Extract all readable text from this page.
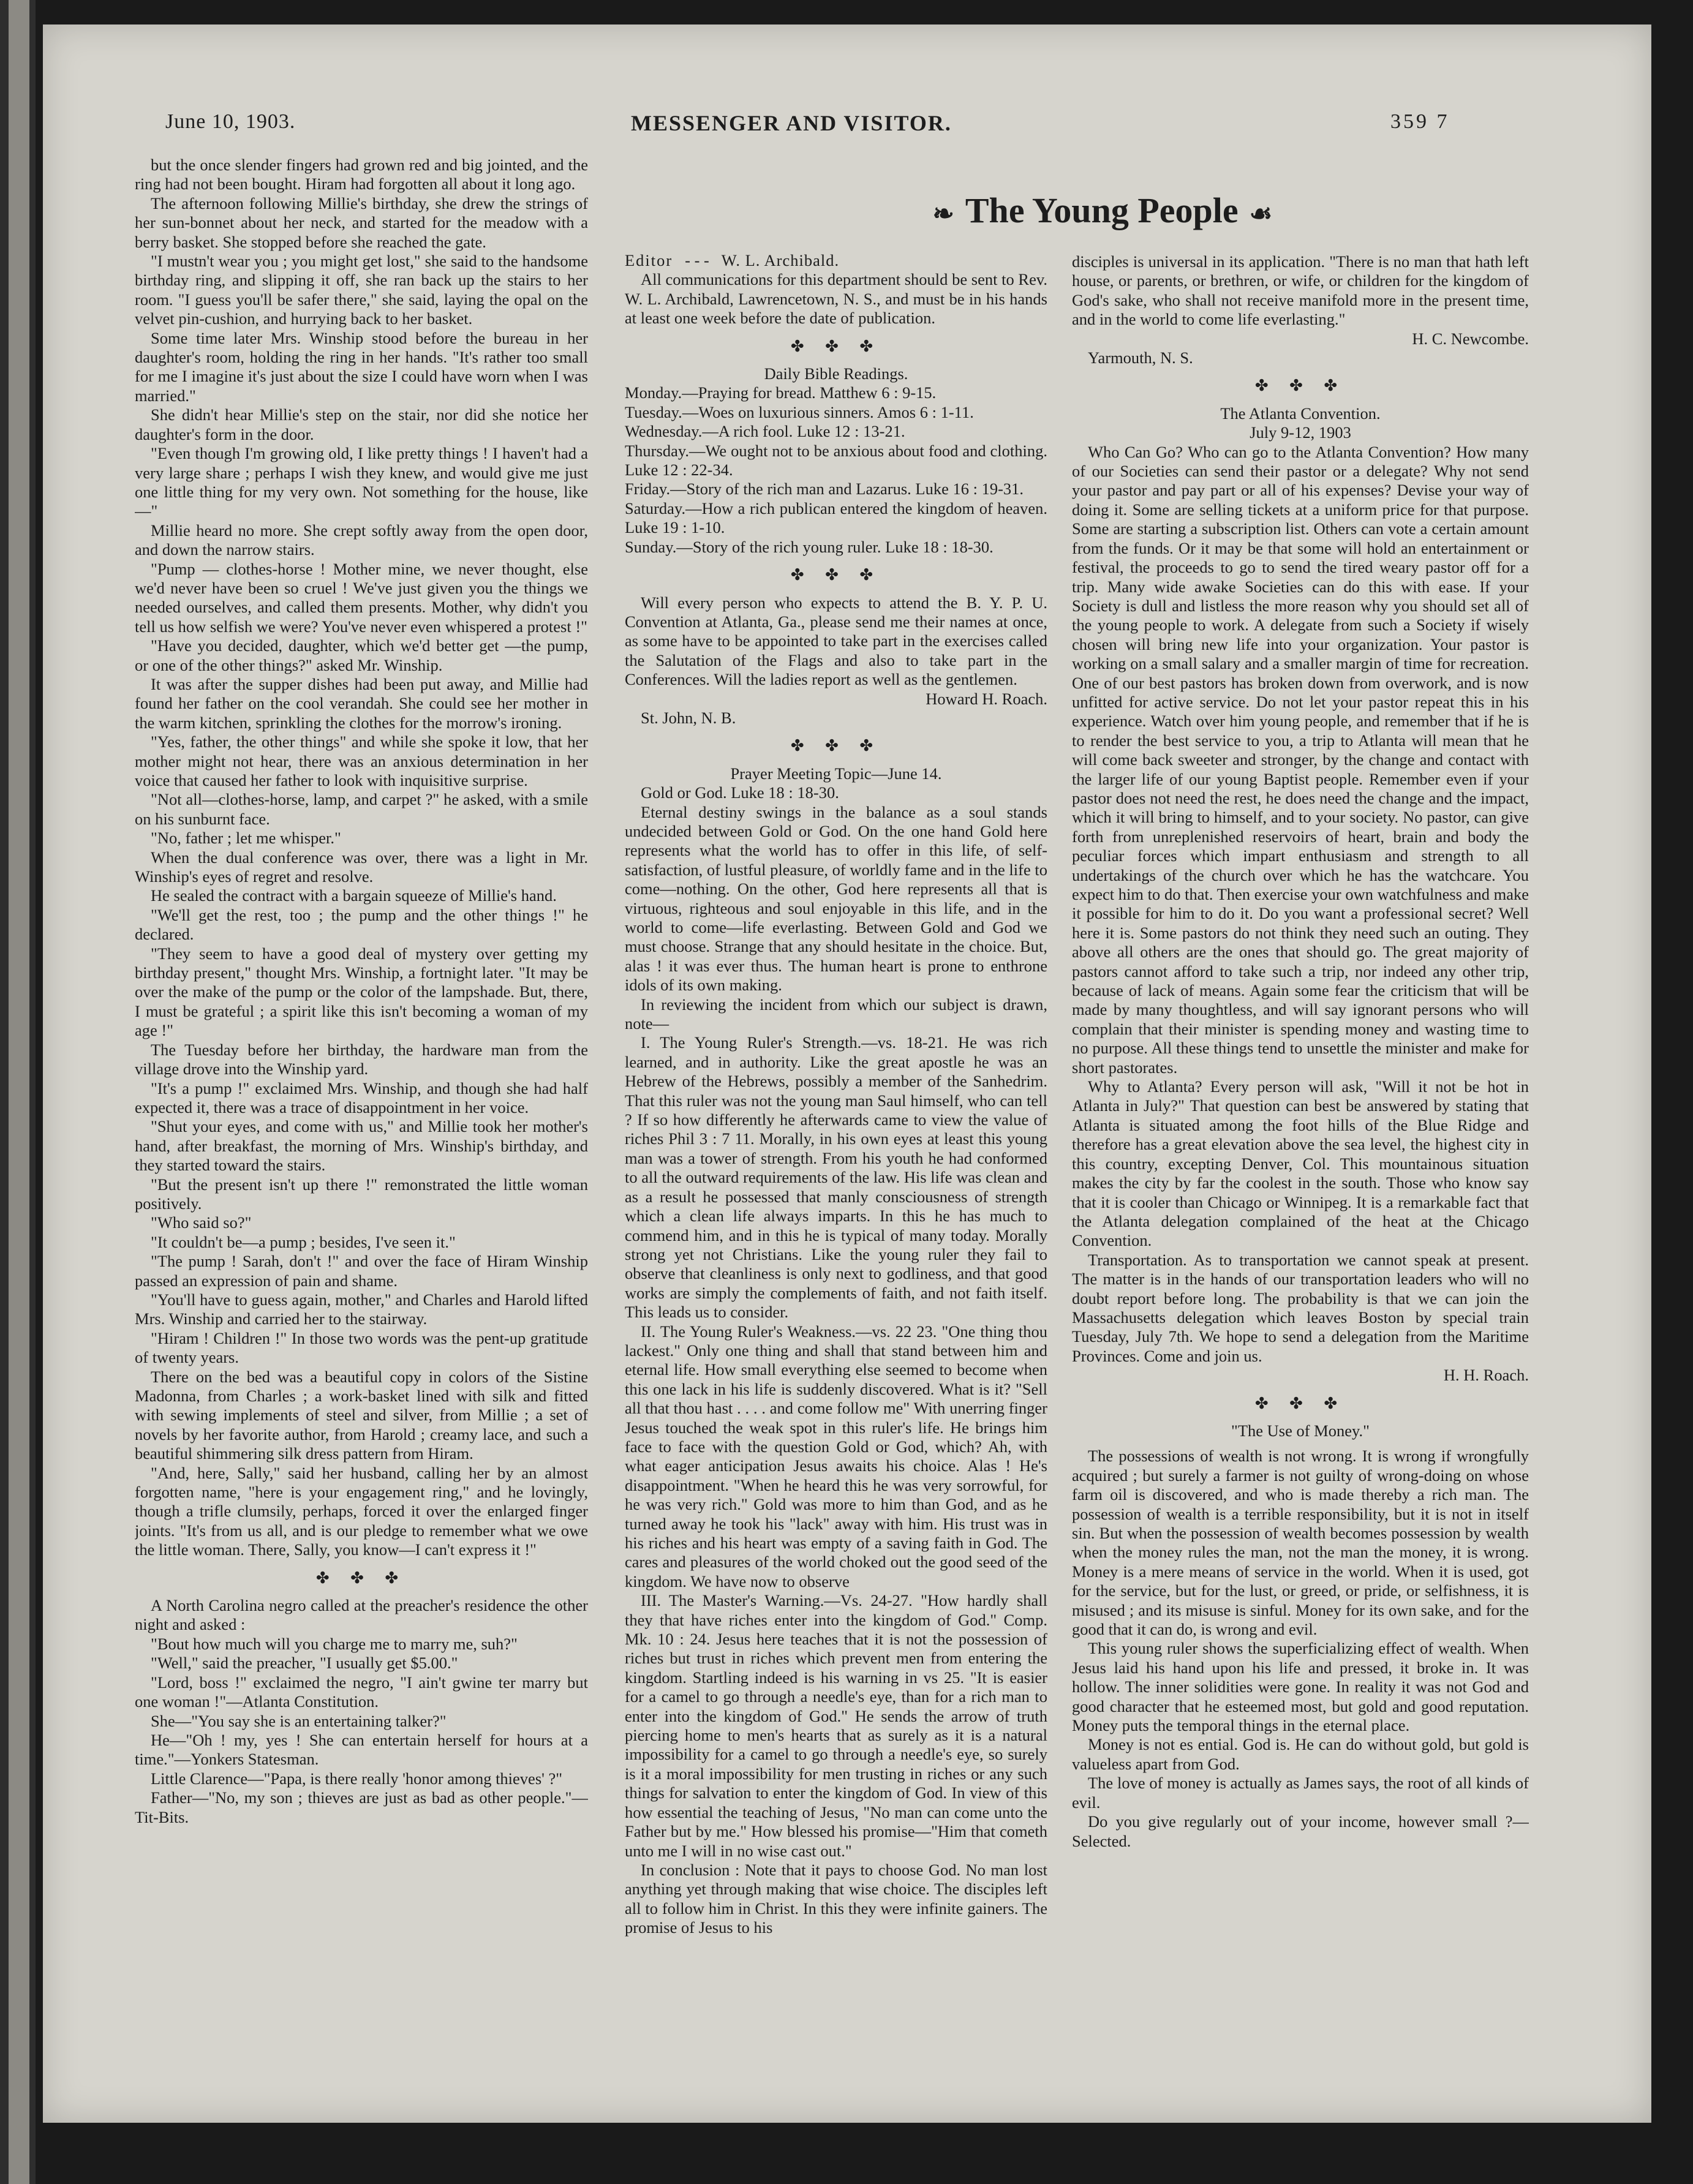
June 10, 1903.	MESSENGER AND VISITOR.	359 7
❧ The Young People ☙

but the once slender fingers had grown red and big jointed, and the ring had not been bought. Hiram had forgotten all about it long ago.

The afternoon following Millie's birthday, she drew the strings of her sun-bonnet about her neck, and started for the meadow with a berry basket. She stopped before she reached the gate.

"I mustn't wear you ; you might get lost," she said to the handsome birthday ring, and slipping it off, she ran back up the stairs to her room. "I guess you'll be safer there," she said, laying the opal on the velvet pin-cushion, and hurrying back to her basket.

Some time later Mrs. Winship stood before the bureau in her daughter's room, holding the ring in her hands. "It's rather too small for me I imagine it's just about the size I could have worn when I was married."

She didn't hear Millie's step on the stair, nor did she notice her daughter's form in the door.

"Even though I'm growing old, I like pretty things ! I haven't had a very large share ; perhaps I wish they knew, and would give me just one little thing for my very own. Not something for the house, like—"

Millie heard no more. She crept softly away from the open door, and down the narrow stairs.

"Pump — clothes-horse ! Mother mine, we never thought, else we'd never have been so cruel ! We've just given you the things we needed ourselves, and called them presents. Mother, why didn't you tell us how selfish we were? You've never even whispered a protest !"

"Have you decided, daughter, which we'd better get —the pump, or one of the other things?" asked Mr. Winship.

It was after the supper dishes had been put away, and Millie had found her father on the cool verandah. She could see her mother in the warm kitchen, sprinkling the clothes for the morrow's ironing.

"Yes, father, the other things" and while she spoke it low, that her mother might not hear, there was an anxious determination in her voice that caused her father to look with inquisitive surprise.

"Not all—clothes-horse, lamp, and carpet ?" he asked, with a smile on his sunburnt face.

"No, father ; let me whisper."

When the dual conference was over, there was a light in Mr. Winship's eyes of regret and resolve.

He sealed the contract with a bargain squeeze of Millie's hand.

"We'll get the rest, too ; the pump and the other things !" he declared.

"They seem to have a good deal of mystery over getting my birthday present," thought Mrs. Winship, a fortnight later. "It may be over the make of the pump or the color of the lampshade. But, there, I must be grateful ; a spirit like this isn't becoming a woman of my age !"

The Tuesday before her birthday, the hardware man from the village drove into the Winship yard.

"It's a pump !" exclaimed Mrs. Winship, and though she had half expected it, there was a trace of disappointment in her voice.

"Shut your eyes, and come with us," and Millie took her mother's hand, after breakfast, the morning of Mrs. Winship's birthday, and they started toward the stairs.

"But the present isn't up there !" remonstrated the little woman positively.

"Who said so?"

"It couldn't be—a pump ; besides, I've seen it."

"The pump ! Sarah, don't !" and over the face of Hiram Winship passed an expression of pain and shame.

"You'll have to guess again, mother," and Charles and Harold lifted Mrs. Winship and carried her to the stairway.

"Hiram ! Children !" In those two words was the pent-up gratitude of twenty years.

There on the bed was a beautiful copy in colors of the Sistine Madonna, from Charles ; a work-basket lined with silk and fitted with sewing implements of steel and silver, from Millie ; a set of novels by her favorite author, from Harold ; creamy lace, and such a beautiful shimmering silk dress pattern from Hiram.

"And, here, Sally," said her husband, calling her by an almost forgotten name, "here is your engagement ring," and he lovingly, though a trifle clumsily, perhaps, forced it over the enlarged finger joints. "It's from us all, and is our pledge to remember what we owe the little woman. There, Sally, you know—I can't express it !"

✤ ✤ ✤

A North Carolina negro called at the preacher's residence the other night and asked :

"Bout how much will you charge me to marry me, suh?"

"Well," said the preacher, "I usually get $5.00."

"Lord, boss !" exclaimed the negro, "I ain't gwine ter marry but one woman !"—Atlanta Constitution.

She—"You say she is an entertaining talker?"

He—"Oh ! my, yes ! She can entertain herself for hours at a time."—Yonkers Statesman.

Little Clarence—"Papa, is there really 'honor among thieves' ?"

Father—"No, my son ; thieves are just as bad as other people."—Tit-Bits.

Editor - - - W. L. Archibald.

All communications for this department should be sent to Rev. W. L. Archibald, Lawrencetown, N. S., and must be in his hands at least one week before the date of publication.

✤ ✤ ✤

Daily Bible Readings.

Monday.—Praying for bread. Matthew 6 : 9-15.

Tuesday.—Woes on luxurious sinners. Amos 6 : 1-11.

Wednesday.—A rich fool. Luke 12 : 13-21.

Thursday.—We ought not to be anxious about food and clothing. Luke 12 : 22-34.

Friday.—Story of the rich man and Lazarus. Luke 16 : 19-31.

Saturday.—How a rich publican entered the kingdom of heaven. Luke 19 : 1-10.

Sunday.—Story of the rich young ruler. Luke 18 : 18-30.

✤ ✤ ✤

Will every person who expects to attend the B. Y. P. U. Convention at Atlanta, Ga., please send me their names at once, as some have to be appointed to take part in the exercises called the Salutation of the Flags and also to take part in the Conferences. Will the ladies report as well as the gentlemen.

Howard H. Roach.

St. John, N. B.

✤ ✤ ✤

Prayer Meeting Topic—June 14.

Gold or God. Luke 18 : 18-30.

Eternal destiny swings in the balance as a soul stands undecided between Gold or God. On the one hand Gold here represents what the world has to offer in this life, of self-satisfaction, of lustful pleasure, of worldly fame and in the life to come—nothing. On the other, God here represents all that is virtuous, righteous and soul enjoyable in this life, and in the world to come—life everlasting. Between Gold and God we must choose. Strange that any should hesitate in the choice. But, alas ! it was ever thus. The human heart is prone to enthrone idols of its own making.

In reviewing the incident from which our subject is drawn, note—

I. The Young Ruler's Strength.—vs. 18-21. He was rich learned, and in authority. Like the great apostle he was an Hebrew of the Hebrews, possibly a member of the Sanhedrim. That this ruler was not the young man Saul himself, who can tell ? If so how differently he afterwards came to view the value of riches Phil 3 : 7 11. Morally, in his own eyes at least this young man was a tower of strength. From his youth he had conformed to all the outward requirements of the law. His life was clean and as a result he possessed that manly consciousness of strength which a clean life always imparts. In this he has much to commend him, and in this he is typical of many today. Morally strong yet not Christians. Like the young ruler they fail to observe that cleanliness is only next to godliness, and that good works are simply the complements of faith, and not faith itself. This leads us to consider.

II. The Young Ruler's Weakness.—vs. 22 23. "One thing thou lackest." Only one thing and shall that stand between him and eternal life. How small everything else seemed to become when this one lack in his life is suddenly discovered. What is it? "Sell all that thou hast . . . . and come follow me" With unerring finger Jesus touched the weak spot in this ruler's life. He brings him face to face with the question Gold or God, which? Ah, with what eager anticipation Jesus awaits his choice. Alas ! He's disappointment. "When he heard this he was very sorrowful, for he was very rich." Gold was more to him than God, and as he turned away he took his "lack" away with him. His trust was in his riches and his heart was empty of a saving faith in God. The cares and pleasures of the world choked out the good seed of the kingdom. We have now to observe

III. The Master's Warning.—Vs. 24-27. "How hardly shall they that have riches enter into the kingdom of God." Comp. Mk. 10 : 24. Jesus here teaches that it is not the possession of riches but trust in riches which prevent men from entering the kingdom. Startling indeed is his warning in vs 25. "It is easier for a camel to go through a needle's eye, than for a rich man to enter into the kingdom of God." He sends the arrow of truth piercing home to men's hearts that as surely as it is a natural impossibility for a camel to go through a needle's eye, so surely is it a moral impossibility for men trusting in riches or any such things for salvation to enter the kingdom of God. In view of this how essential the teaching of Jesus, "No man can come unto the Father but by me." How blessed his promise—"Him that cometh unto me I will in no wise cast out."

In conclusion : Note that it pays to choose God. No man lost anything yet through making that wise choice. The disciples left all to follow him in Christ. In this they were infinite gainers. The promise of Jesus to his

disciples is universal in its application. "There is no man that hath left house, or parents, or brethren, or wife, or children for the kingdom of God's sake, who shall not receive manifold more in the present time, and in the world to come life everlasting."

H. C. Newcombe.

Yarmouth, N. S.

✤ ✤ ✤

The Atlanta Convention.

July 9-12, 1903

Who Can Go? Who can go to the Atlanta Convention? How many of our Societies can send their pastor or a delegate? Why not send your pastor and pay part or all of his expenses? Devise your way of doing it. Some are selling tickets at a uniform price for that purpose. Some are starting a subscription list. Others can vote a certain amount from the funds. Or it may be that some will hold an entertainment or festival, the proceeds to go to send the tired weary pastor off for a trip. Many wide awake Societies can do this with ease. If your Society is dull and listless the more reason why you should set all of the young people to work. A delegate from such a Society if wisely chosen will bring new life into your organization. Your pastor is working on a small salary and a smaller margin of time for recreation. One of our best pastors has broken down from overwork, and is now unfitted for active service. Do not let your pastor repeat this in his experience. Watch over him young people, and remember that if he is to render the best service to you, a trip to Atlanta will mean that he will come back sweeter and stronger, by the change and contact with the larger life of our young Baptist people. Remember even if your pastor does not need the rest, he does need the change and the impact, which it will bring to himself, and to your society. No pastor, can give forth from unreplenished reservoirs of heart, brain and body the peculiar forces which impart enthusiasm and strength to all undertakings of the church over which he has the watchcare. You expect him to do that. Then exercise your own watchfulness and make it possible for him to do it. Do you want a professional secret? Well here it is. Some pastors do not think they need such an outing. They above all others are the ones that should go. The great majority of pastors cannot afford to take such a trip, nor indeed any other trip, because of lack of means. Again some fear the criticism that will be made by many thoughtless, and will say ignorant persons who will complain that their minister is spending money and wasting time to no purpose. All these things tend to unsettle the minister and make for short pastorates.

Why to Atlanta? Every person will ask, "Will it not be hot in Atlanta in July?" That question can best be answered by stating that Atlanta is situated among the foot hills of the Blue Ridge and therefore has a great elevation above the sea level, the highest city in this country, excepting Denver, Col. This mountainous situation makes the city by far the coolest in the south. Those who know say that it is cooler than Chicago or Winnipeg. It is a remarkable fact that the Atlanta delegation complained of the heat at the Chicago Convention.

Transportation. As to transportation we cannot speak at present. The matter is in the hands of our transportation leaders who will no doubt report before long. The probability is that we can join the Massachusetts delegation which leaves Boston by special train Tuesday, July 7th. We hope to send a delegation from the Maritime Provinces. Come and join us.

H. H. Roach.

✤ ✤ ✤

"The Use of Money."

The possessions of wealth is not wrong. It is wrong if wrongfully acquired ; but surely a farmer is not guilty of wrong-doing on whose farm oil is discovered, and who is made thereby a rich man. The possession of wealth is a terrible responsibility, but it is not in itself sin. But when the possession of wealth becomes possession by wealth when the money rules the man, not the man the money, it is wrong. Money is a mere means of service in the world. When it is used, got for the service, but for the lust, or greed, or pride, or selfishness, it is misused ; and its misuse is sinful. Money for its own sake, and for the good that it can do, is wrong and evil.

This young ruler shows the superficializing effect of wealth. When Jesus laid his hand upon his life and pressed, it broke in. It was hollow. The inner solidities were gone. In reality it was not God and good character that he esteemed most, but gold and good reputation. Money puts the temporal things in the eternal place.

Money is not es ential. God is. He can do without gold, but gold is valueless apart from God.

The love of money is actually as James says, the root of all kinds of evil.

Do you give regularly out of your income, however small ?—Selected.
